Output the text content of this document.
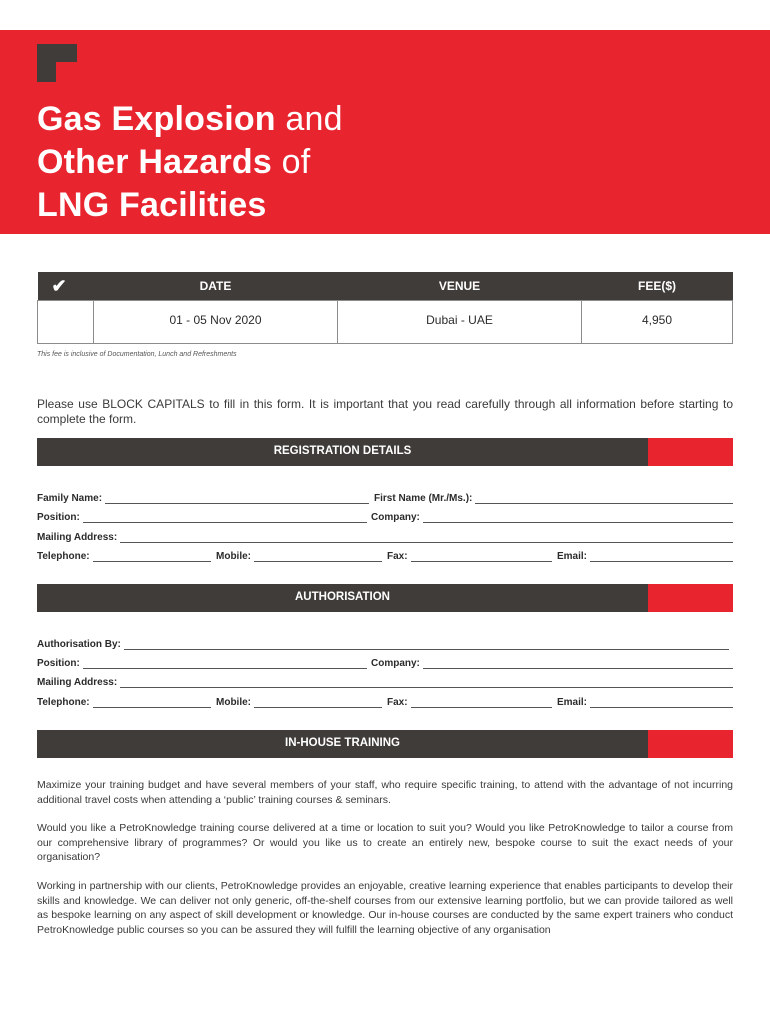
Gas Explosion and
Other Hazards of
LNG Facilities
✔	DATE	VENUE	FEE($)
	01 - 05 Nov 2020	Dubai - UAE	4,950
This fee is inclusive of Documentation, Lunch and Refreshments
Please use BLOCK CAPITALS to fill in this form. It is important that you read carefully through all information before starting to complete the form.
REGISTRATION DETAILS
Family Name:	First Name (Mr./Ms.):
Position:	Company:
Mailing Address:
Telephone:	Mobile:	Fax:	Email:
AUTHORISATION
Authorisation By:
Position:	Company:
Mailing Address:
Telephone:	Mobile:	Fax:	Email:
IN-HOUSE TRAINING
Maximize your training budget and have several members of your staff, who require specific training, to attend with the advantage of not incurring additional travel costs when attending a ‘public’ training courses & seminars.
Would you like a PetroKnowledge training course delivered at a time or location to suit you? Would you like PetroKnowledge to tailor a course from our comprehensive library of programmes? Or would you like us to create an entirely new, bespoke course to suit the exact needs of your organisation?
Working in partnership with our clients, PetroKnowledge provides an enjoyable, creative learning experience that enables participants to develop their skills and knowledge. We can deliver not only generic, off-the-shelf courses from our extensive learning portfolio, but we can provide tailored as well as bespoke learning on any aspect of skill development or knowledge. Our in-house courses are conducted by the same expert trainers who conduct PetroKnowledge public courses so you can be assured they will fulfill the learning objective of any organisation
